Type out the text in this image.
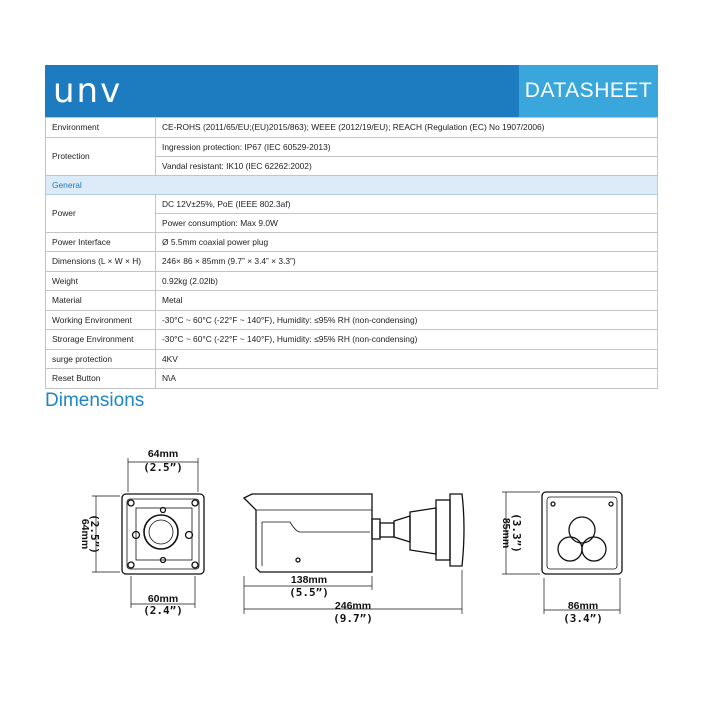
unv	DATASHEET
Environment	CE-ROHS (2011/65/EU;(EU)2015/863); WEEE (2012/19/EU); REACH (Regulation (EC) No 1907/2006)

Protection	Ingression protection: IP67 (IEC 60529-2013)
Vandal resistant: IK10 (IEC 62262:2002)

General	
Power	DC 12V±25%, PoE (IEEE 802.3af)
Power consumption: Max 9.0W

Power Interface	Ø 5.5mm coaxial power plug

Dimensions (L × W × H)	246× 86 × 85mm (9.7” × 3.4” × 3.3”)

Weight	0.92kg (2.02lb)

Material	Metal

Working Environment	-30°C ~ 60°C (-22°F ~ 140°F), Humidity: ≤95% RH (non-condensing)

Strorage Environment	-30°C ~ 60°C (-22°F ~ 140°F), Humidity: ≤95% RH (non-condensing)

surge protection	4KV

Reset Button	N\A
Dimensions
64mm
(2.5”)
64mm
(2.5”)
60mm
(2.4”)
138mm
(5.5”)
246mm
(9.7”)
85mm
(3.3”)
86mm
(3.4”)
